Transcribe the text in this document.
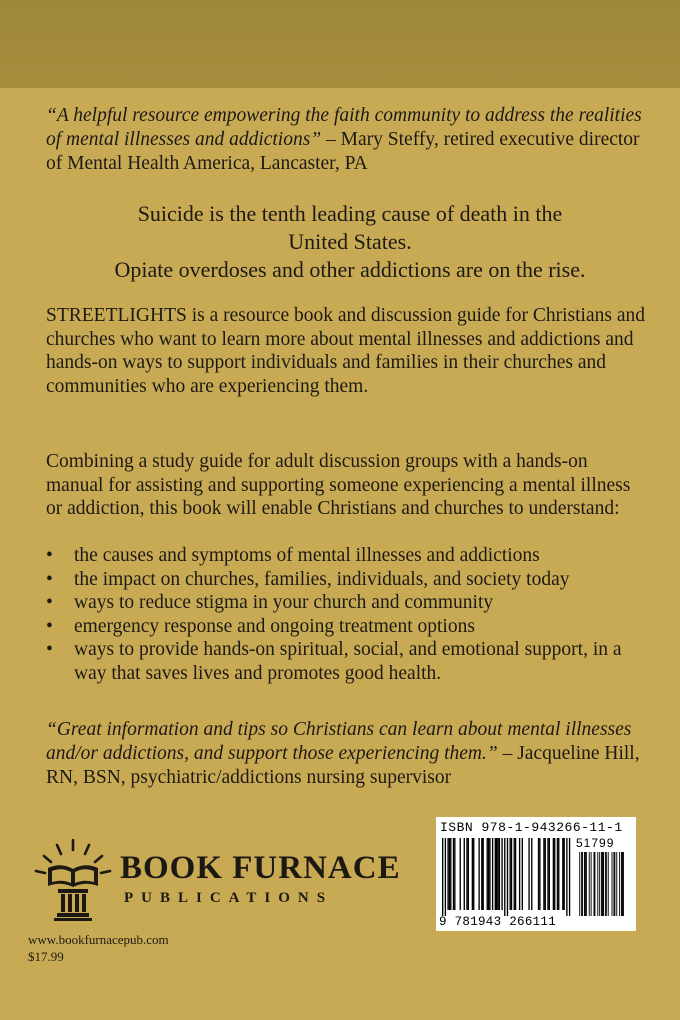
“A helpful resource empowering the faith community to address the realities of mental illnesses and addictions” – Mary Steffy, retired executive director of Mental Health America, Lancaster, PA
Suicide is the tenth leading cause of death in the
United States.
Opiate overdoses and other addictions are on the rise.
STREETLIGHTS is a resource book and discussion guide for Christians and churches who want to learn more about mental illnesses and addictions and hands-on ways to support individuals and families in their churches and communities who are experiencing them.
Combining a study guide for adult discussion groups with a hands-on manual for assisting and supporting someone experiencing a mental illness or addiction, this book will enable Christians and churches to understand:
• the causes and symptoms of mental illnesses and addictions
• the impact on churches, families, individuals, and society today
• ways to reduce stigma in your church and community
• emergency response and ongoing treatment options
• ways to provide hands-on spiritual, social, and emotional support, in a way that saves lives and promotes good health.
“Great information and tips so Christians can learn about mental illnesses and/or addictions, and support those experiencing them.” – Jacqueline Hill, RN, BSN, psychiatric/addictions nursing supervisor
BOOK FURNACE
PUBLICATIONS
www.bookfurnacepub.com
$17.99
ISBN 978-1-943266-11-1
51799
9 781943 266111
